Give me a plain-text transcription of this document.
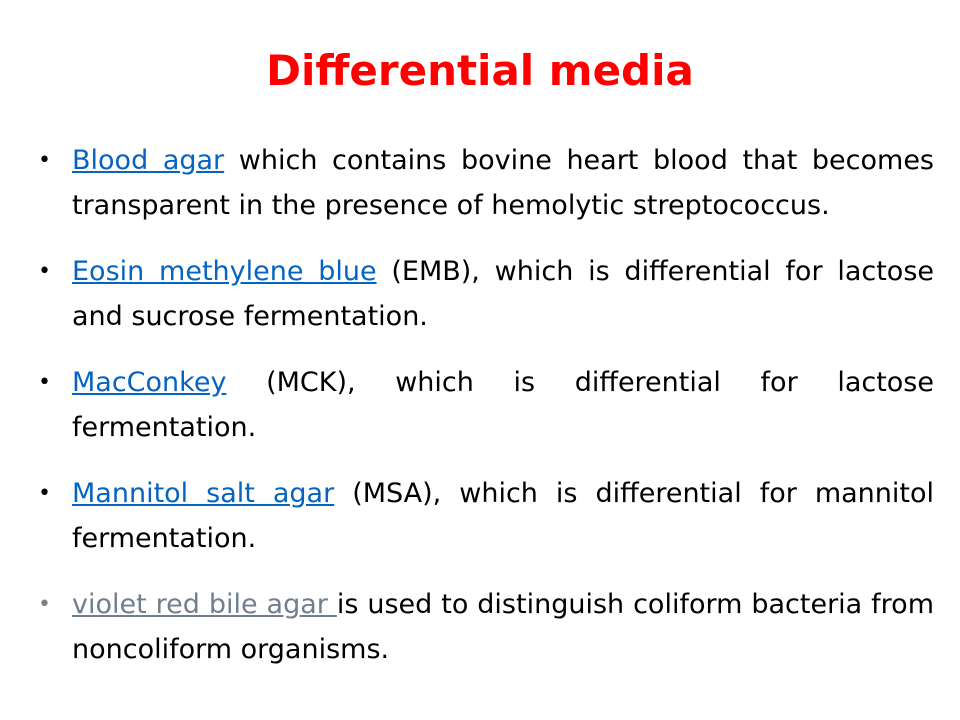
Differential media
• Blood agar which contains bovine heart blood that becomes transparent in the presence of hemolytic streptococcus.
• Eosin methylene blue (EMB), which is differential for lactose and sucrose fermentation.
• MacConkey (MCK), which is differential for lactose fermentation.
• Mannitol salt agar (MSA), which is differential for mannitol fermentation.
• violet red bile agar is used to distinguish coliform bacteria from noncoliform organisms.
